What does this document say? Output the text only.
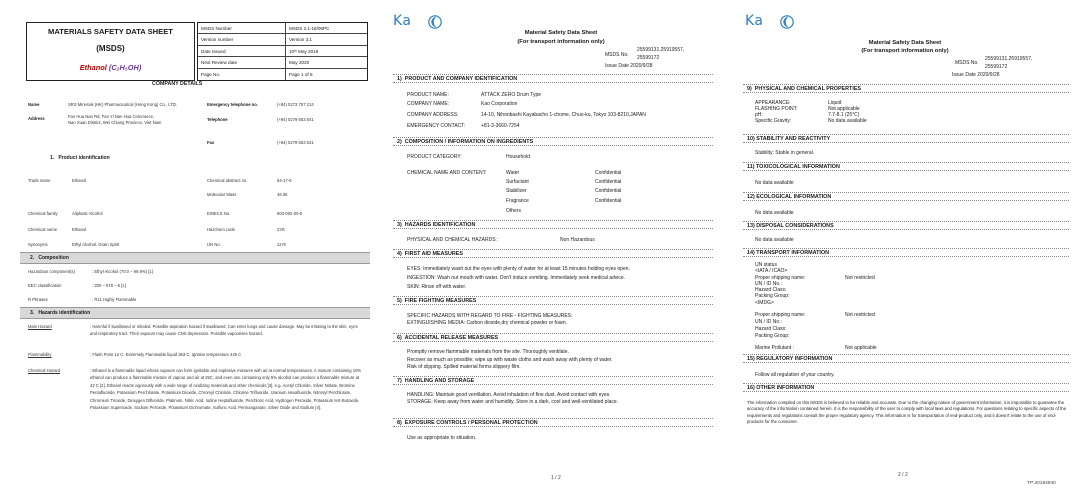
MATERIALS SAFETY DATA SHEET
(MSDS)
Ethanol (C₂H₅OH)
MSDS Number	MSDS 3.1-18/09PC
Version number	Version 3.1
Date Issued	10ᵗʰ May 2019
Next Review date	May 2020
Page No.	Page 1 of 8
COMPANY DETAILS
Name	SRS Minerals (HK) Pharmaceutical (Hong Kong) Co., LTD.	Emergency telephone no.	(+84) 0273 757 214
Address	Fan Hua Nan Rd, Fan Yi Nan Hua Commerce,
Nan Xuan District, Wei Chiang Province, Viet Nam
Telephone	(+84) 0279 653 541
Fax	(+84) 0279 653 541
1.   Product identification
Trade name	Ethanol	Chemical abstract no.	64-17-5
Molecular Mass	46.06
Chemical family	Aliphatic Alcohol	EINECS No.	603-002-00-5
Chemical name	Ethanol	Hazchem code	2YE
Synonyms	Ethyl Alcohol, Grain Spirit	UN No.	1170
2.   Composition
Hazardous component(s)	: Ethyl Alcohol (70.0 – 99.9%) [1]
EEC classification	: 200 – 578 – 6 [1]
R Phrases	: R11 Highly Flammable
3.   Hazards identification
Main Hazard	: Harmful if swallowed or inhaled. Possible aspiration hazard if swallowed. Can enter lungs and cause damage. May be irritating to the skin, eyes and respiratory tract. Their vapours may cause CNS depression. Possible vapourises hazard.
Flammability	: Flash Point 12 C. Extremely Flammable liquid 363 C. Ignition temperature 425 C
Chemical Hazard	: Ethanol is a flammable liquid whose vapours can form ignitable and explosive mixtures with air at normal temperatures. A mixture containing 10% ethanol can produce a flammable mixture of vapour and air at 25C, and even one containing only 5% alcohol can produce a flammable mixture at 42 C [2]. Ethanol reacts vigorously with a wide range of oxidizing materials and other chemicals [3], e.g. Acetyl Chloride, Silver Nitrate, Bromine Pentafluoride, Potassium Perchlorate, Potassium Dioxide, Chromyl Chloride, Chlorine Trifluoride, Uranium Hexafluoride, Nitrosyl Perchlorate, Chromium Trioxide, Dioxygen Difluoride, Platinum, Nitric Acid, Iodine Heptafluoride, Perchloric Acid, Hydrogen Peroxide, Potassium tert-Butoxide, Potassium Superoxide, Sodium Peroxide, Potassium Dichromate, Sulfuric Acid, Permanganate, Silver Oxide and Sodium [4].
Ka
Material Safety Data Sheet
(For transport information only)
MSDS No.
25599131,25919557,
25599172
Issue Date 2020/9/28
1)  PRODUCT AND COMPANY IDENTIFICATION
PRODUCT NAME:	ATTACK ZERO Drum Type
COMPANY NAME:	Kao Corporation
COMPANY ADDRESS:	14-10, Nihonbashi Kayabacho 1-chome, Chuo-ku, Tokyo 103-8210,JAPAN
EMERGENCY CONTACT:	+81-3-3660-7254
2)  COMPOSITION / INFORMATION ON INGREDIENTS
PRODUCT CATEGORY:	Household
CHEMICAL NAME AND CONTENT:	Water	Confidential
Surfactant	Confidential
Stabilizer	Confidential
Fragrance	Confidential
Others
3)  HAZARDS IDENTIFICATION
PHYSICAL AND CHEMICAL HAZARDS :	Non Hazardous
4)  FIRST AID MEASURES
EYES: Immediately wash out the eyes with plenty of water for at least 15 minutes holding eyes open.
INGESTION: Wash out mouth with water. Don't induce vomiting. Immediately seek medical advice.
SKIN: Rinse off with water.
5)  FIRE FIGHTING MEASURES
SPECIFIC HAZARDS WITH REGARD TO FIRE - FIGHTING MEASURES:
EXTINGUISHING MEDIA: Carbon dioxide,dry chemical powder or foam.
6)  ACCIDENTAL RELEASE MEASURES
Promptly remove flammable materials from the site. Thoroughly ventilate.
Recover as much as possible; wipe up with waste cloths and wash away with plenty of water.
Risk of slipping. Spilled material forms slippery film.
7)  HANDLING AND STORAGE
HANDLING: Maintain good ventilation. Avoid inhalation of fine dust. Avoid contact with eyes.
STORAGE: Keep away from water and humidity. Store in a dark, cool and well-ventilated place.
8)  EXPOSURE CONTROLS / PERSONAL PROTECTION
Use as appropriate to situation.
1 / 2
Ka
Material Safety Data Sheet
(For transport information only)
MSDS No.
25599131,25919557,
25599172
Issue Date 2020/9/28
9)  PHYSICAL AND CHEMICAL PROPERTIES
APPEARANCE:	Liquid
FLASHING POINT:	Not applicable
pH:	7.7-8.1 (25℃)
Specific Gravity:	No data available
10) STABILITY AND REACTIVITY
Stability: Stable in general.
11) TOXICOLOGICAL INFORMATION
No data available
12) ECOLOGICAL INFORMATION
No data available
13) DISPOSAL CONSIDERATIONS
No data available
14) TRANSPORT INFORMATION
UN status
<IATA / ICAO>
Proper shipping name:	Not restricted
UN / ID No.:
Hazard Class:
Packing Group:
<IMDG>
Proper shipping name:	Not restricted
UN / ID No.:
Hazard Class:
Packing Group:
Marine Pollutant :	Not applicable
15) REGULATORY INFORMATION
Follow all regulation of your country.
16) OTHER INFORMATION
The information compiled on this MSDS is believed to be reliable and accurate. Due to the changing nature of government information, it is impossible to guarantee the accuracy of the information contained herein. It is the responsibility of the user to comply with local laws and regulations. For questions relating to specific aspects of the requirements and regulations consult the proper regulatory agency. This information is for transportation of end-product only, and it doesn't relate to the use of end-products for the consumer.
2 / 2
TP:20184930
